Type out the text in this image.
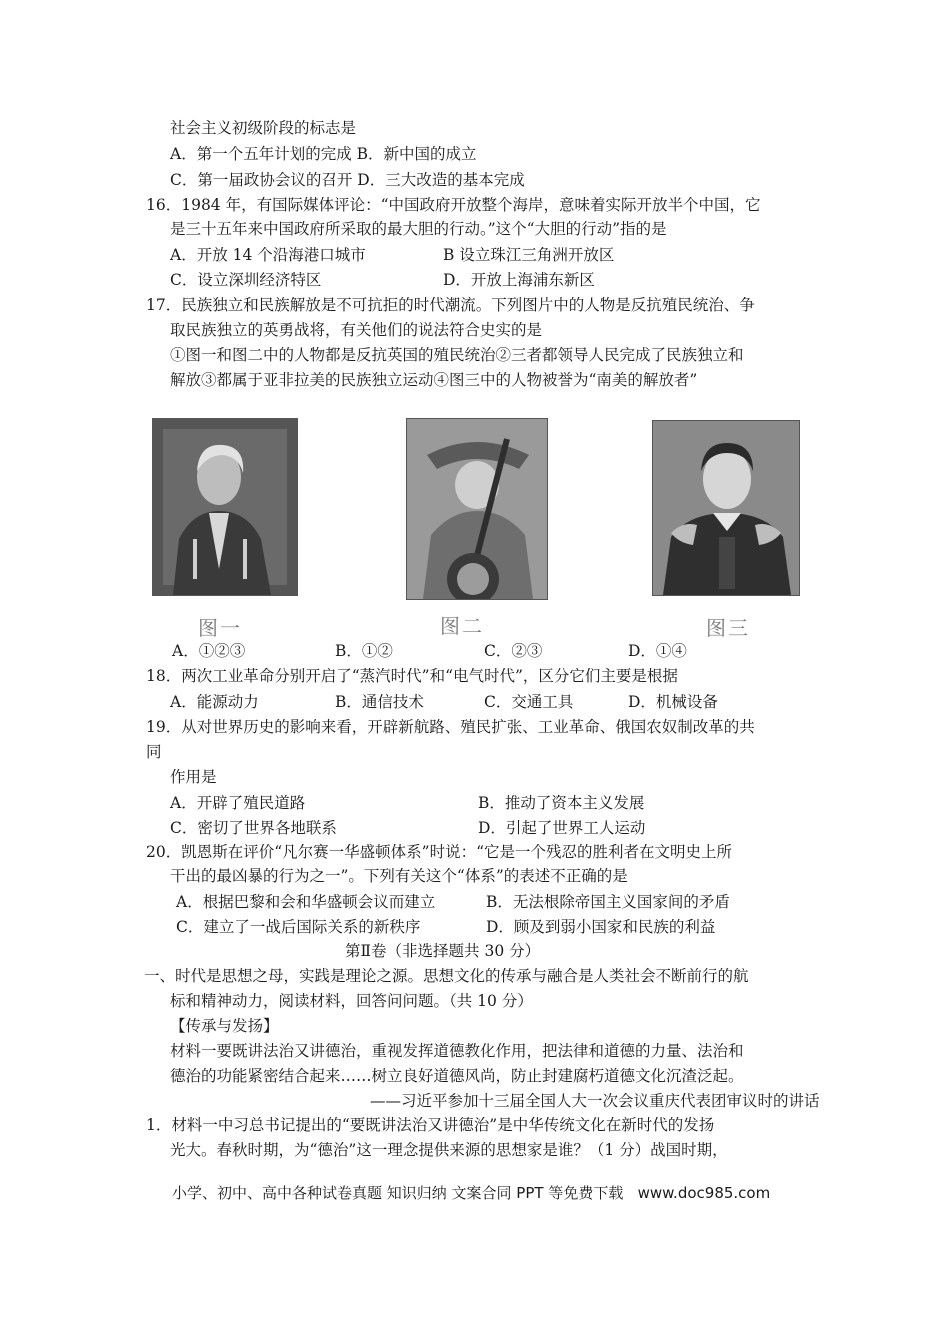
社会主义初级阶段的标志是
A．第一个五年计划的完成 B．新中国的成立
C．第一届政协会议的召开 D．三大改造的基本完成
16．1984 年，有国际媒体评论：“中国政府开放整个海岸，意味着实际开放半个中国，它
是三十五年来中国政府所采取的最大胆的行动。”这个“大胆的行动”指的是
A．开放 14 个沿海港口城市	B 设立珠江三角洲开放区
C．设立深圳经济特区	D．开放上海浦东新区
17．民族独立和民族解放是不可抗拒的时代潮流。下列图片中的人物是反抗殖民统治、争
取民族独立的英勇战将，有关他们的说法符合史实的是
①图一和图二中的人物都是反抗英国的殖民统治②三者都领导人民完成了民族独立和
解放③都属于亚非拉美的民族独立运动④图三中的人物被誉为“南美的解放者”
图一	图二	图三
A．①②③	B．①②	C．②③	D．①④
18．两次工业革命分别开启了“蒸汽时代”和“电气时代”，区分它们主要是根据
A．能源动力	B．通信技术	C．交通工具	D．机械设备
19．从对世界历史的影响来看，开辟新航路、殖民扩张、工业革命、俄国农奴制改革的共
同
作用是
A．开辟了殖民道路	B．推动了资本主义发展
C．密切了世界各地联系	D．引起了世界工人运动
20．凯恩斯在评价“凡尔赛一华盛顿体系”时说：“它是一个残忍的胜利者在文明史上所
干出的最凶暴的行为之一”。下列有关这个“体系”的表述不正确的是
A．根据巴黎和会和华盛顿会议而建立	B．无法根除帝国主义国家间的矛盾
C．建立了一战后国际关系的新秩序	D．顾及到弱小国家和民族的利益
第Ⅱ卷（非选择题共 30 分）
一、时代是思想之母，实践是理论之源。思想文化的传承与融合是人类社会不断前行的航
标和精神动力，阅读材料，回答问问题。（共 10 分）
【传承与发扬】
材料一要既讲法治又讲德治，重视发挥道德教化作用，把法律和道德的力量、法治和
德治的功能紧密结合起来……树立良好道德风尚，防止封建腐朽道德文化沉渣泛起。
——习近平参加十三届全国人大一次会议重庆代表团审议时的讲话
1．材料一中习总书记提出的“要既讲法治又讲德治”是中华传统文化在新时代的发扬
光大。春秋时期，为“德治”这一理念提供来源的思想家是谁？（1 分）战国时期，
小学、初中、高中各种试卷真题 知识归纳 文案合同 PPT 等免费下载   www.doc985.com
